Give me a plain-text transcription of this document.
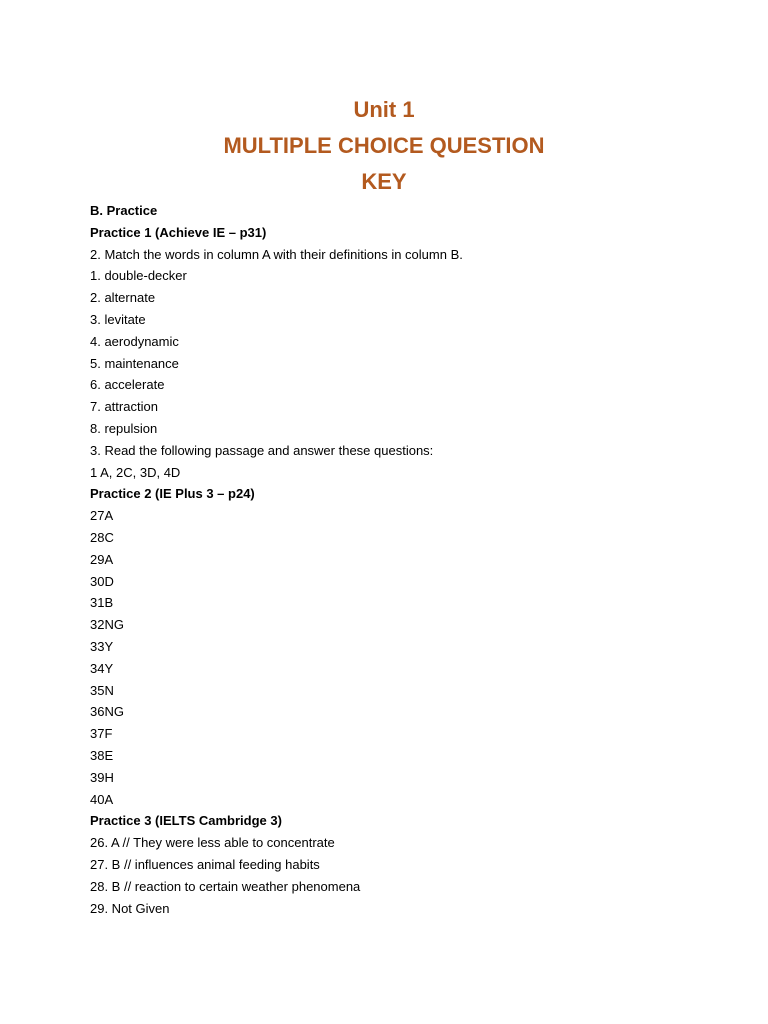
Unit 1
MULTIPLE CHOICE QUESTION
KEY
B. Practice
Practice 1 (Achieve IE – p31)
2. Match the words in column A with their definitions in column B.
1. double-decker
2. alternate
3. levitate
4. aerodynamic
5. maintenance
6. accelerate
7. attraction
8. repulsion
3. Read the following passage and answer these questions:
1 A, 2C, 3D, 4D
Practice 2 (IE Plus 3 – p24)
27A
28C
29A
30D
31B
32NG
33Y
34Y
35N
36NG
37F
38E
39H
40A
Practice 3 (IELTS Cambridge 3)
26. A // They were less able to concentrate
27. B // influences animal feeding habits
28. B // reaction to certain weather phenomena
29. Not Given
